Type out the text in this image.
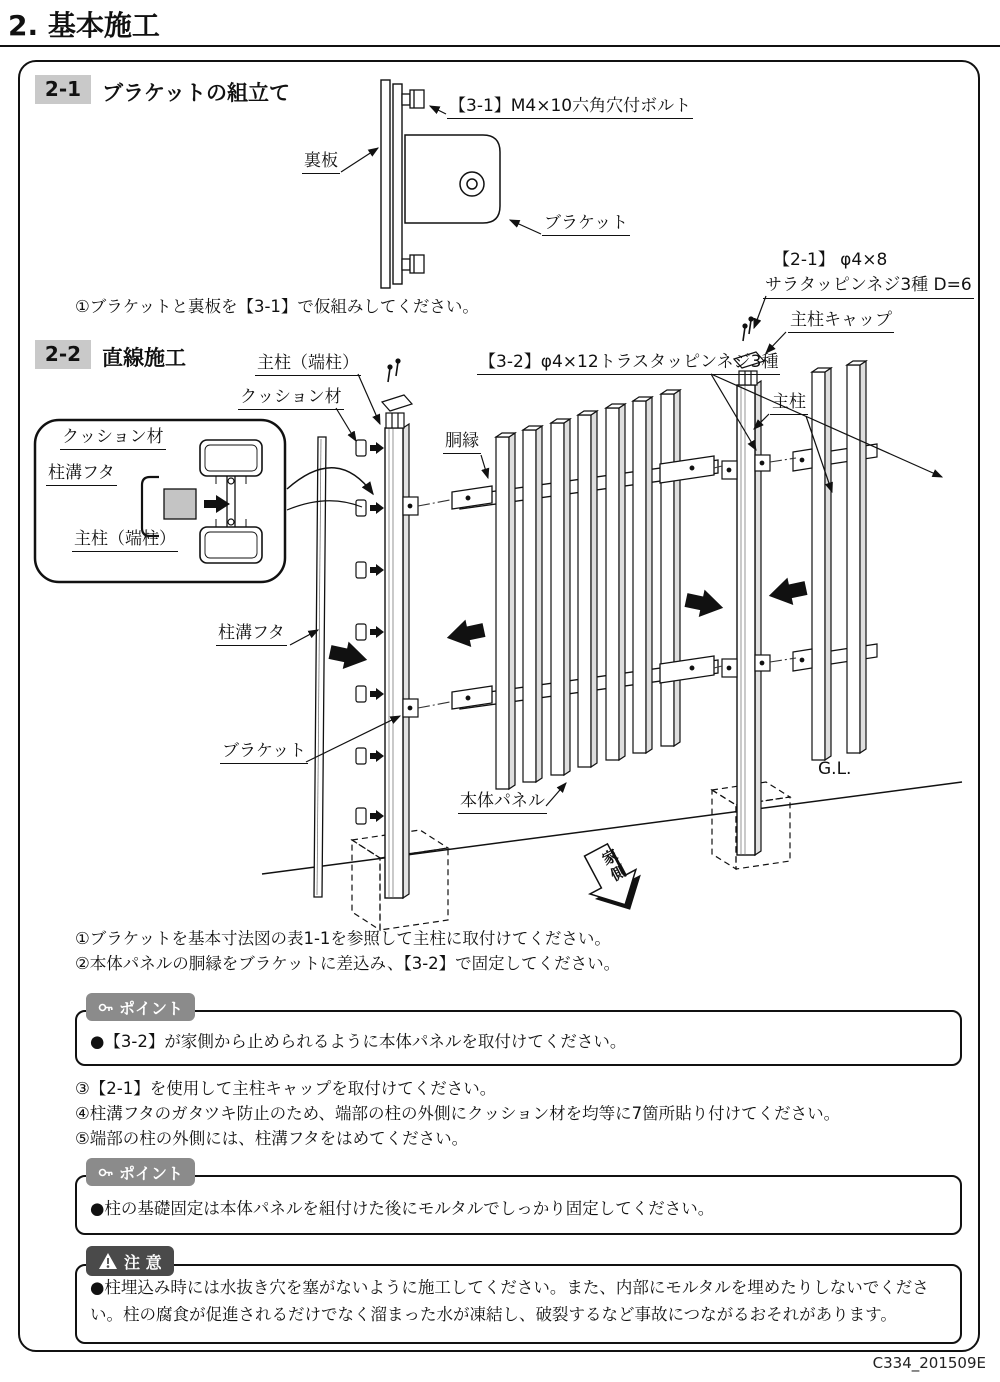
2. 基本施工
2-1 ブラケットの組立て
裏板
【3-1】M4×10六角穴付ボルト
ブラケット
①ブラケットと裏板を【3-1】で仮組みしてください。
2-2 直線施工	主柱（端柱）
クッション材
【3-2】φ4×12トラスタッピンネジ3種
胴縁
【2-1】 φ4×8
サラタッピンネジ3種 D=6
主柱キャップ
主柱
柱溝フタ
ブラケット
本体パネル
G.L.
家側
クッション材
柱溝フタ
主柱（端柱）
①ブラケットを基本寸法図の表1-1を参照して主柱に取付けてください。
②本体パネルの胴縁をブラケットに差込み、【3-2】で固定してください。
ポイント
●【3-2】が家側から止められるように本体パネルを取付けてください。
③【2-1】を使用して主柱キャップを取付けてください。
④柱溝フタのガタツキ防止のため、端部の柱の外側にクッション材を均等に7箇所貼り付けてください。
⑤端部の柱の外側には、柱溝フタをはめてください。
ポイント
●柱の基礎固定は本体パネルを組付けた後にモルタルでしっかり固定してください。
注 意
●柱埋込み時には水抜き穴を塞がないように施工してください。また、内部にモルタルを埋めたりしないでください。柱の腐食が促進されるだけでなく溜まった水が凍結し、破裂するなど事故につながるおそれがあります。
C334_201509E
